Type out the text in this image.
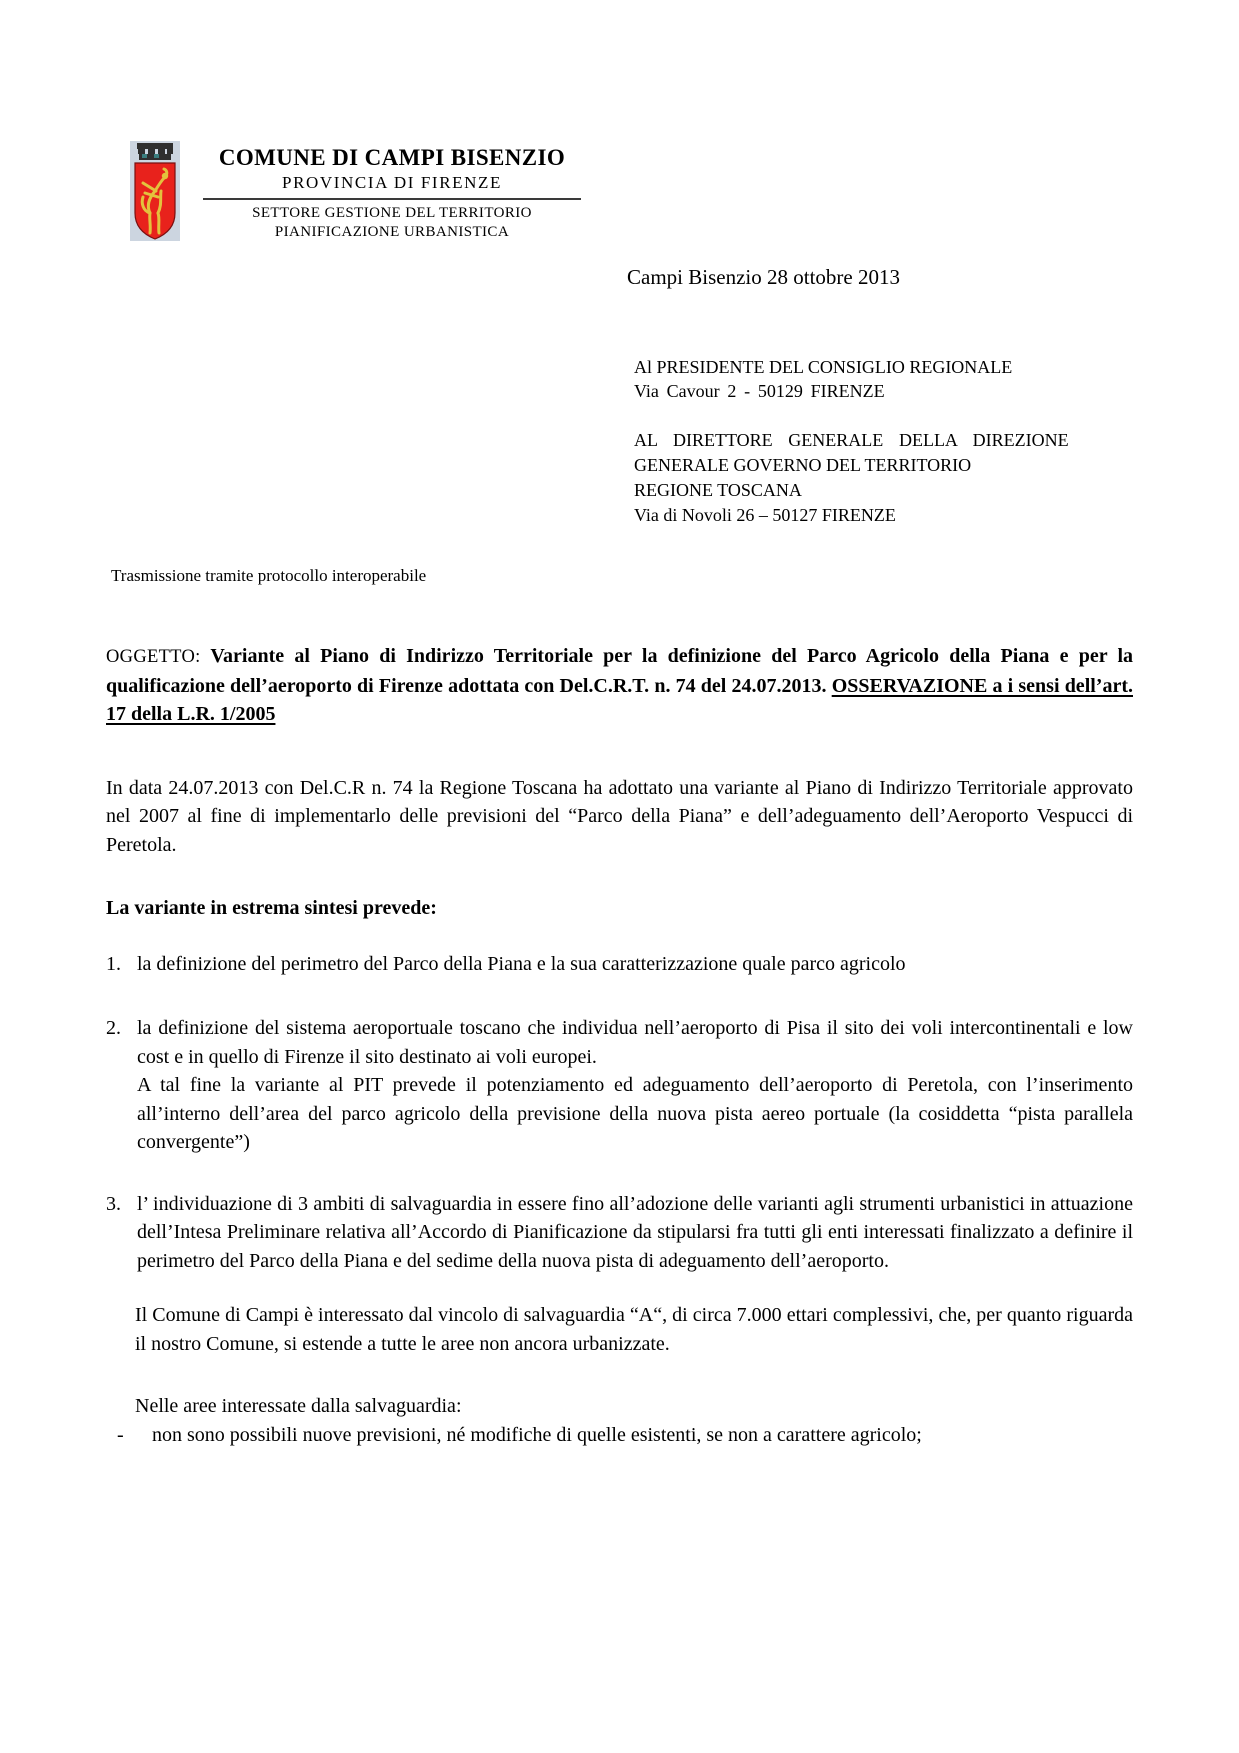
COMUNE DI CAMPI BISENZIO
PROVINCIA DI FIRENZE
SETTORE GESTIONE DEL TERRITORIO
PIANIFICAZIONE URBANISTICA
Campi Bisenzio 28 ottobre 2013
Al PRESIDENTE DEL CONSIGLIO REGIONALE
Via Cavour 2 - 50129 FIRENZE
AL DIRETTORE GENERALE DELLA DIREZIONE
GENERALE GOVERNO DEL TERRITORIO
REGIONE TOSCANA
Via di Novoli 26 – 50127 FIRENZE
Trasmissione tramite protocollo interoperabile

OGGETTO: Variante al Piano di Indirizzo Territoriale per la definizione del Parco Agricolo della Piana e per la qualificazione dell’aeroporto di Firenze adottata con Del.C.R.T. n. 74 del 24.07.2013. OSSERVAZIONE a i sensi dell’art. 17 della L.R. 1/2005

In data 24.07.2013 con Del.C.R n. 74 la Regione Toscana ha adottato una variante al Piano di Indirizzo Territoriale approvato nel 2007 al fine di implementarlo delle previsioni del “Parco della Piana” e dell’adeguamento dell’Aeroporto Vespucci di Peretola.

La variante in estrema sintesi prevede:
1. la definizione del perimetro del Parco della Piana e la sua caratterizzazione quale parco agricolo
2. la definizione del sistema aeroportuale toscano che individua nell’aeroporto di Pisa il sito dei voli intercontinentali e low cost e in quello di Firenze il sito destinato ai voli europei.
A tal fine la variante al PIT prevede il potenziamento ed adeguamento dell’aeroporto di Peretola, con l’inserimento all’interno dell’area del parco agricolo della previsione della nuova pista aereo portuale (la cosiddetta “pista parallela convergente”)
3. l’ individuazione di 3 ambiti di salvaguardia in essere fino all’adozione delle varianti agli strumenti urbanistici in attuazione dell’Intesa Preliminare relativa all’Accordo di Pianificazione da stipularsi fra tutti gli enti interessati finalizzato a definire il perimetro del Parco della Piana e del sedime della nuova pista di adeguamento dell’aeroporto.

Il Comune di Campi è interessato dal vincolo di salvaguardia “A“, di circa 7.000 ettari complessivi, che, per quanto riguarda il nostro Comune, si estende a tutte le aree non ancora urbanizzate.

Nelle aree interessate dalla salvaguardia:
- non sono possibili nuove previsioni, né modifiche di quelle esistenti, se non a carattere agricolo;
